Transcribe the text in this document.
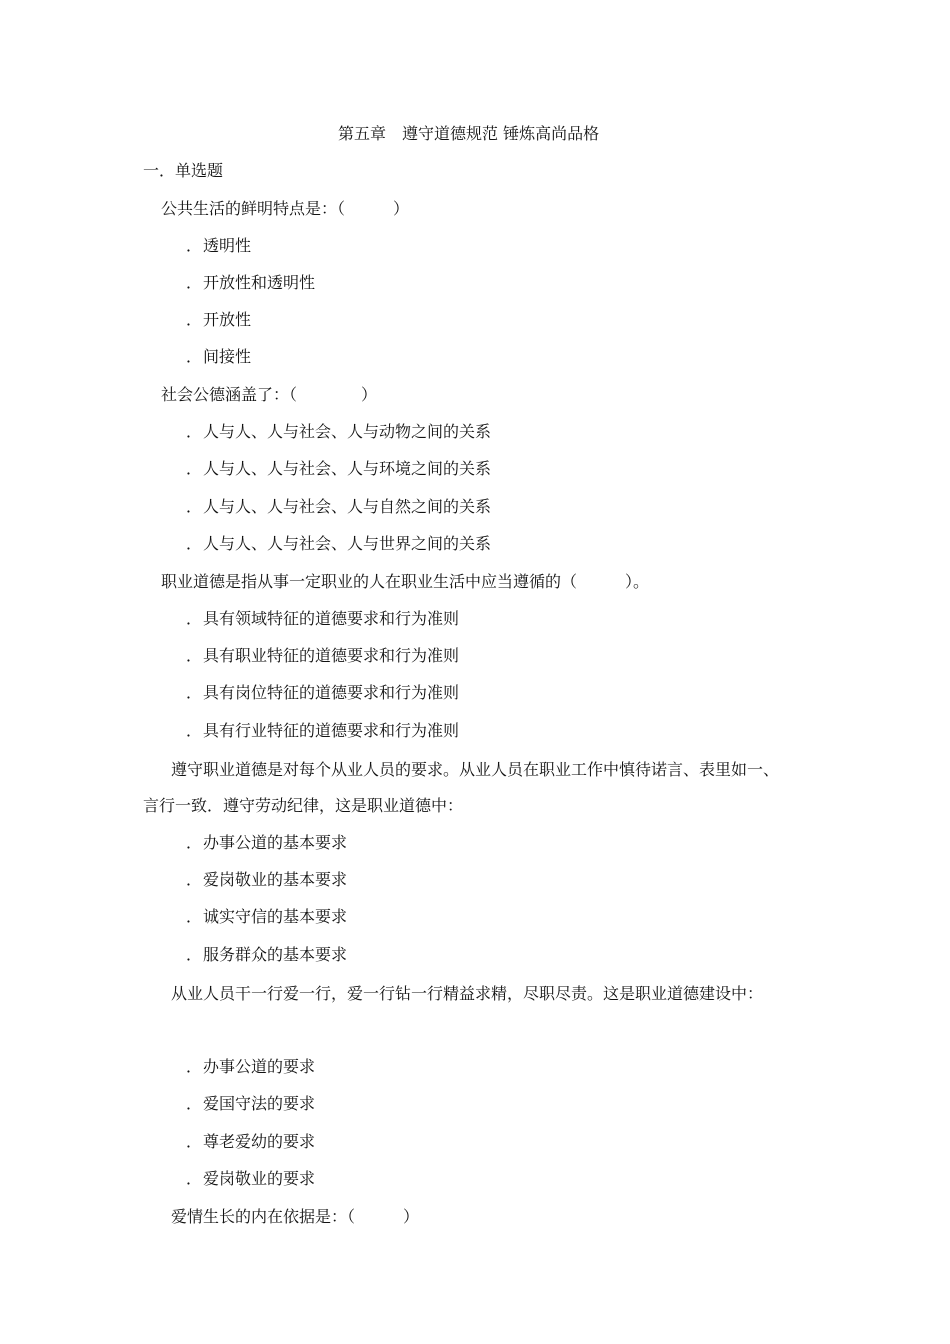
第五章　遵守道德规范 锤炼高尚品格
一．单选题
公共生活的鲜明特点是：（　　　）
．透明性
．开放性和透明性
．开放性
．间接性
社会公德涵盖了：（　　　　）
．人与人、人与社会、人与动物之间的关系
．人与人、人与社会、人与环境之间的关系
．人与人、人与社会、人与自然之间的关系
．人与人、人与社会、人与世界之间的关系
职业道德是指从事一定职业的人在职业生活中应当遵循的（　　　）。
．具有领域特征的道德要求和行为准则
．具有职业特征的道德要求和行为准则
．具有岗位特征的道德要求和行为准则
．具有行业特征的道德要求和行为准则
遵守职业道德是对每个从业人员的要求。从业人员在职业工作中慎待诺言、表里如一、
言行一致．遵守劳动纪律，这是职业道德中：
．办事公道的基本要求
．爱岗敬业的基本要求
．诚实守信的基本要求
．服务群众的基本要求
从业人员干一行爱一行，爱一行钻一行精益求精，尽职尽责。这是职业道德建设中：
．办事公道的要求
．爱国守法的要求
．尊老爱幼的要求
．爱岗敬业的要求
爱情生长的内在依据是：（　　　）
